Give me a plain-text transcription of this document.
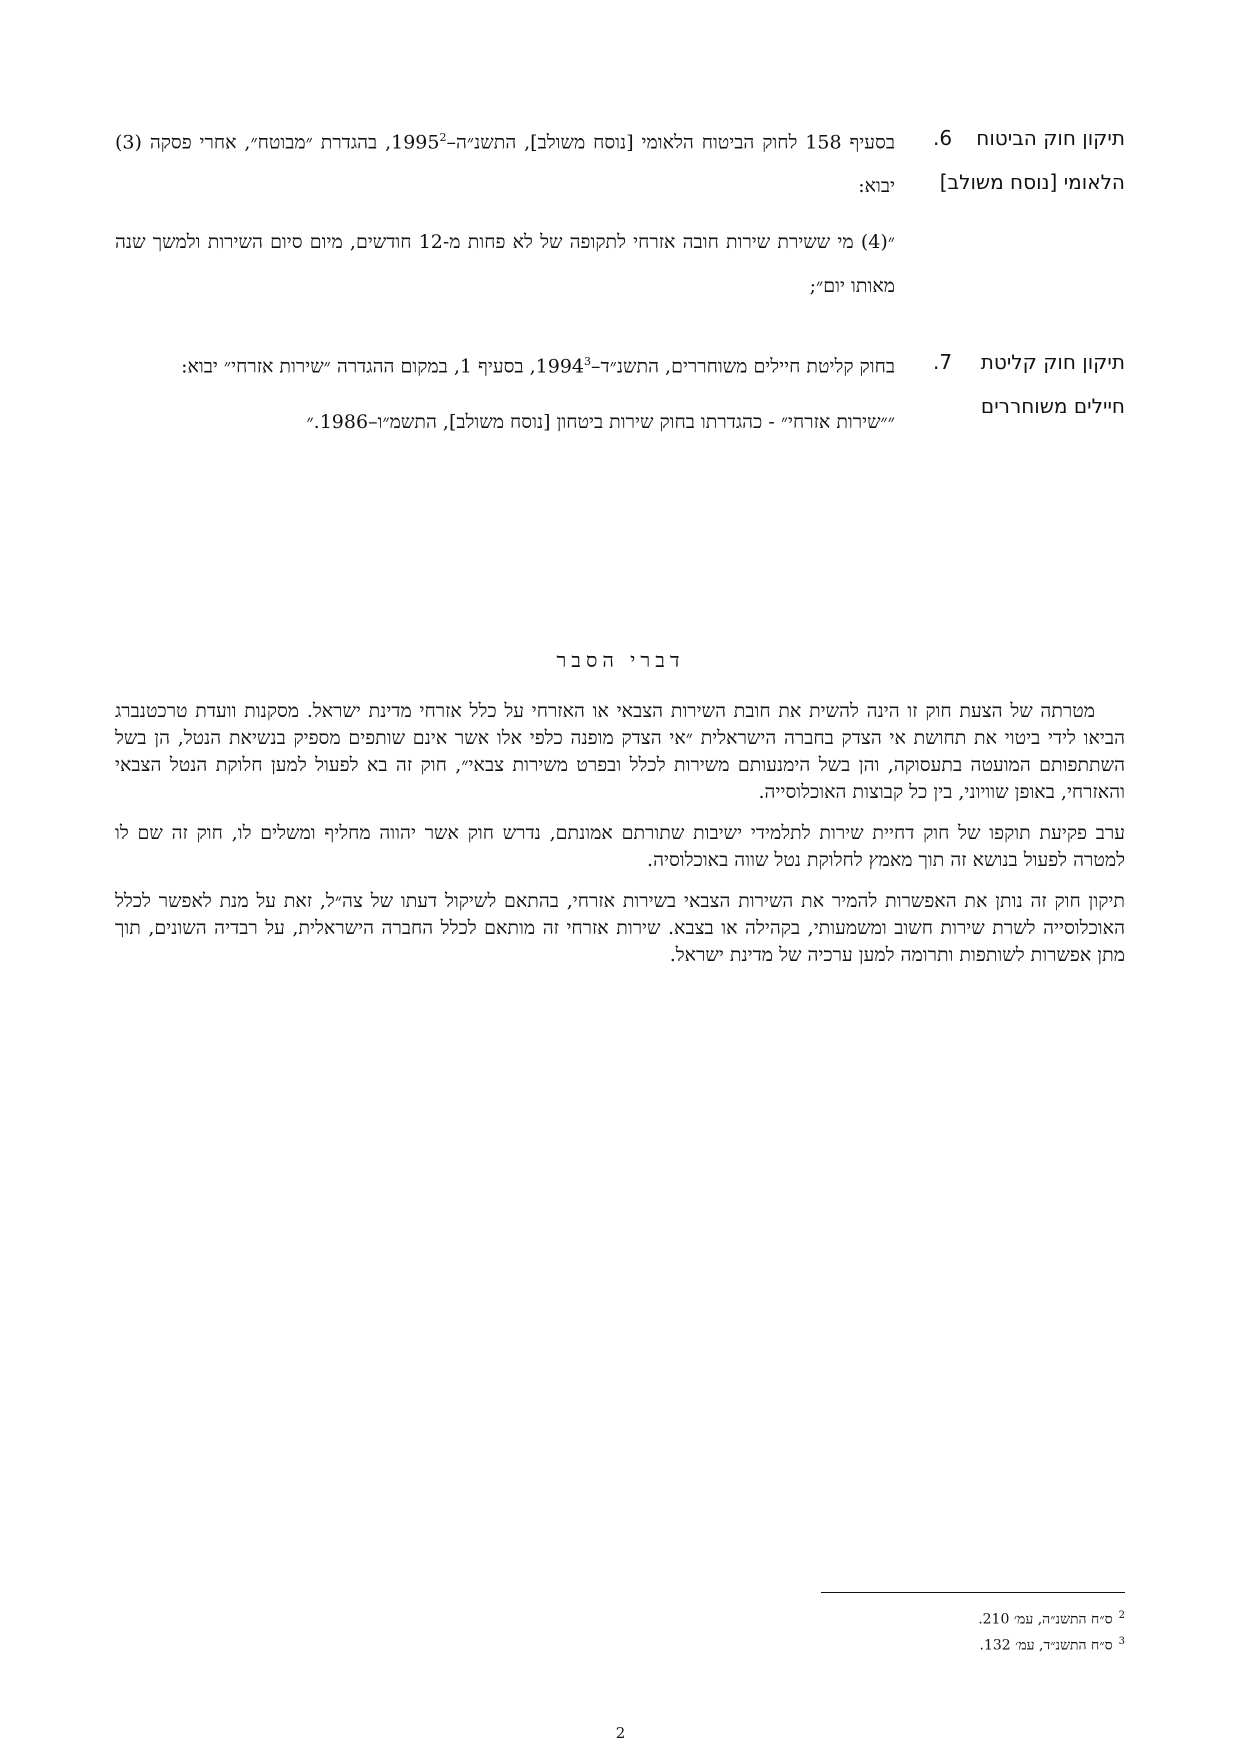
6.	תיקון חוק הביטוח הלאומי [נוסח משולב]

בסעיף 158 לחוק הביטוח הלאומי [נוסח משולב], התשנ״ה–1995$^2$, בהגדרת ״מבוטח״, אחרי פסקה (3) יבוא:

״(4) מי ששירת שירות חובה אזרחי לתקופה של לא פחות מ-12 חודשים, מיום סיום השירות ולמשך שנה מאותו יום״;

7.	תיקון חוק קליטת חיילים משוחררים

בחוק קליטת חיילים משוחררים, התשנ״ד–1994$^3$, בסעיף 1, במקום ההגדרה ״שירות אזרחי״ יבוא:

״״שירות אזרחי״ - כהגדרתו בחוק שירות ביטחון [נוסח משולב], התשמ״ו–1986.״

דברי הסבר

מטרתה של הצעת חוק זו הינה להשית את חובת השירות הצבאי או האזרחי על כלל אזרחי מדינת ישראל. מסקנות וועדת טרכטנברג הביאו לידי ביטוי את תחושת אי הצדק בחברה הישראלית ״אי הצדק מופנה כלפי אלו אשר אינם שותפים מספיק בנשיאת הנטל, הן בשל השתתפותם המועטה בתעסוקה, והן בשל הימנעותם משירות לכלל ובפרט משירות צבאי״, חוק זה בא לפעול למען חלוקת הנטל הצבאי והאזרחי, באופן שוויוני, בין כל קבוצות האוכלוסייה.

ערב פקיעת תוקפו של חוק דחיית שירות לתלמידי ישיבות שתורתם אמונתם, נדרש חוק אשר יהווה מחליף ומשלים לו, חוק זה שם לו למטרה לפעול בנושא זה תוך מאמץ לחלוקת נטל שווה באוכלוסיה.

תיקון חוק זה נותן את האפשרות להמיר את השירות הצבאי בשירות אזרחי, בהתאם לשיקול דעתו של צה״ל, זאת על מנת לאפשר לכלל האוכלוסייה לשרת שירות חשוב ומשמעותי, בקהילה או בצבא. שירות אזרחי זה מותאם לכלל החברה הישראלית, על רבדיה השונים, תוך מתן אפשרות לשותפות ותרומה למען ערכיה של מדינת ישראל.

$^2$ס״ח התשנ״ה, עמ׳ 210.
$^3$ס״ח התשנ״ד, עמ׳ 132.
2
